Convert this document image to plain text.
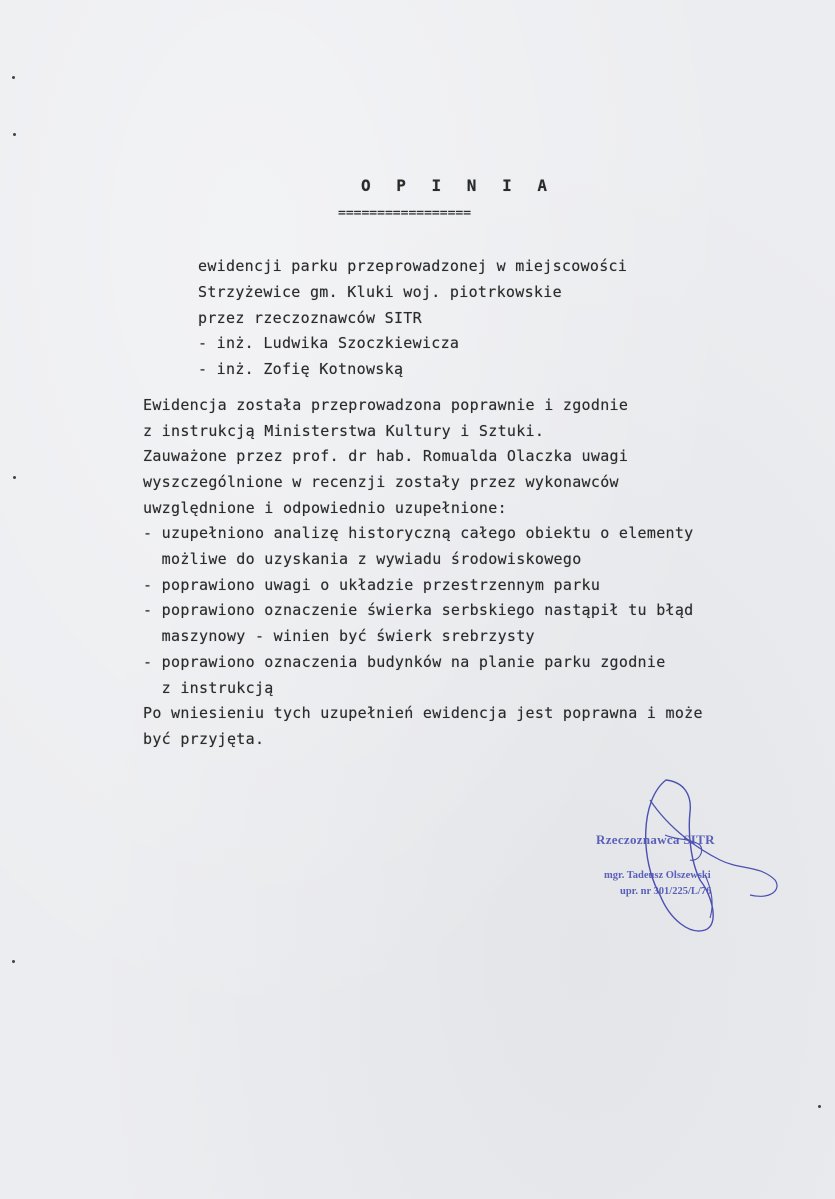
O P I N I A
=================
ewidencji parku przeprowadzonej w miejscowości
Strzyżewice gm. Kluki woj. piotrkowskie
przez rzeczoznawców SITR
- inż. Ludwika Szoczkiewicza
- inż. Zofię Kotnowską
Ewidencja została przeprowadzona poprawnie i zgodnie
z instrukcją Ministerstwa Kultury i Sztuki.
Zauważone przez prof. dr hab. Romualda Olaczka uwagi
wyszczególnione w recenzji zostały przez wykonawców
uwzględnione i odpowiednio uzupełnione:
- uzupełniono analizę historyczną całego obiektu o elementy
możliwe do uzyskania z wywiadu środowiskowego
- poprawiono uwagi o układzie przestrzennym parku
- poprawiono oznaczenie świerka serbskiego nastąpił tu błąd
maszynowy - winien być świerk srebrzysty
- poprawiono oznaczenia budynków na planie parku zgodnie
z instrukcją
Po wniesieniu tych uzupełnień ewidencja jest poprawna i może
być przyjęta.
Rzeczoznawca SITR
mgr. Tadeusz Olszewski
upr. nr 301/225/L/76
